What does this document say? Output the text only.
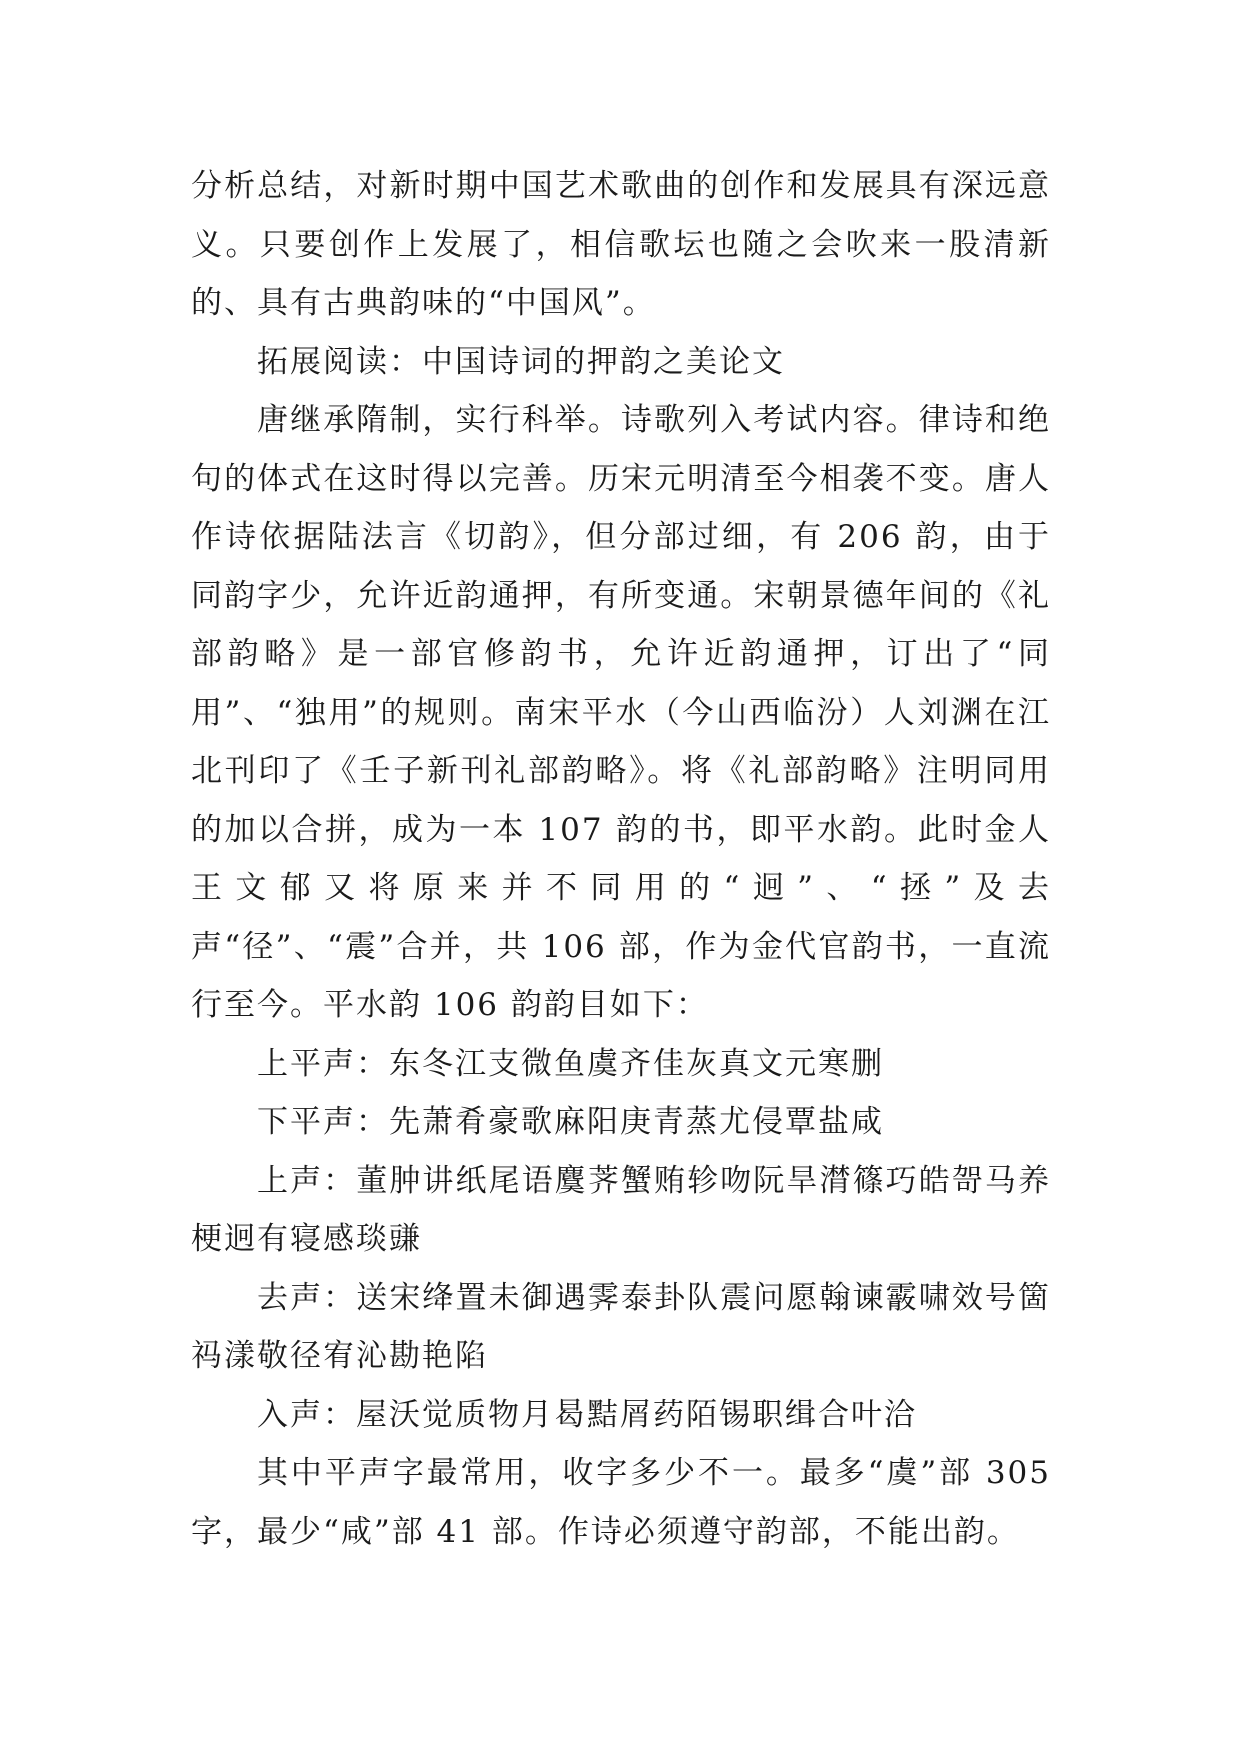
分析总结，对新时期中国艺术歌曲的创作和发展具有深远意义。只要创作上发展了，相信歌坛也随之会吹来一股清新的、具有古典韵味的“中国风”。

拓展阅读：中国诗词的押韵之美论文

唐继承隋制，实行科举。诗歌列入考试内容。律诗和绝句的体式在这时得以完善。历宋元明清至今相袭不变。唐人作诗依据陆法言《切韵》，但分部过细，有 206 韵，由于同韵字少，允许近韵通押，有所变通。宋朝景德年间的《礼部韵略》是一部官修韵书，允许近韵通押，订出了“同用”、“独用”的规则。南宋平水（今山西临汾）人刘渊在江北刊印了《壬子新刊礼部韵略》。将《礼部韵略》注明同用的加以合拼，成为一本 107 韵的书，即平水韵。此时金人王文郁又将原来并不同用的“迥”、“拯”及去声“径”、“震”合并，共 106 部，作为金代官韵书，一直流行至今。平水韵 106 韵韵目如下：

上平声：东冬江支微鱼虞齐佳灰真文元寒删

下平声：先萧肴豪歌麻阳庚青蒸尤侵覃盐咸

上声：董肿讲纸尾语麌荠蟹贿轸吻阮旱潸篠巧皓哿马养梗迥有寝感琰豏

去声：送宋绛置未御遇霁泰卦队震问愿翰谏霰啸效号箇祃漾敬径宥沁勘艳陷

入声：屋沃觉质物月曷黠屑药陌锡职缉合叶洽

其中平声字最常用，收字多少不一。最多“虞”部 305 字，最少“咸”部 41 部。作诗必须遵守韵部，不能出韵。
